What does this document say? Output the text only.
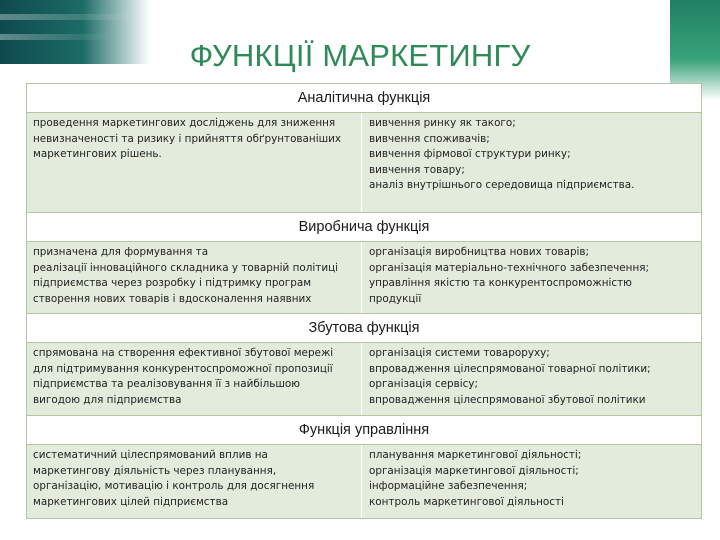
ФУНКЦІЇ МАРКЕТИНГУ
Аналітична функція
проведення маркетингових досліджень для зниження
невизначеності та ризику і прийняття обґрунтованіших
маркетингових рішень.
вивчення ринку як такого;
вивчення споживачів;
вивчення фірмової структури ринку;
вивчення товару;
аналіз внутрішнього середовища підприємства.
Виробнича функція
призначена для формування та
реалізації інноваційного складника у товарній політиці
підприємства через розробку і підтримку програм
створення нових товарів і вдосконалення наявних
організація виробництва нових товарів;
організація матеріально-технічного забезпечення;
управління якістю та конкурентоспроможністю
продукції
Збутова функція
спрямована на створення ефективної збутової мережі
для підтримування конкурентоспроможної пропозиції
підприємства та реалізовування її з найбільшою
вигодою для підприємства
організація системи товароруху;
впровадження цілеспрямованої товарної політики;
організація сервісу;
впровадження цілеспрямованої збутової політики
Функція управління
систематичний цілеспрямований вплив на
маркетингову діяльність через планування,
організацію, мотивацію і контроль для досягнення
маркетингових цілей підприємства
планування маркетингової діяльності;
організація маркетингової діяльності;
інформаційне забезпечення;
контроль маркетингової діяльності
